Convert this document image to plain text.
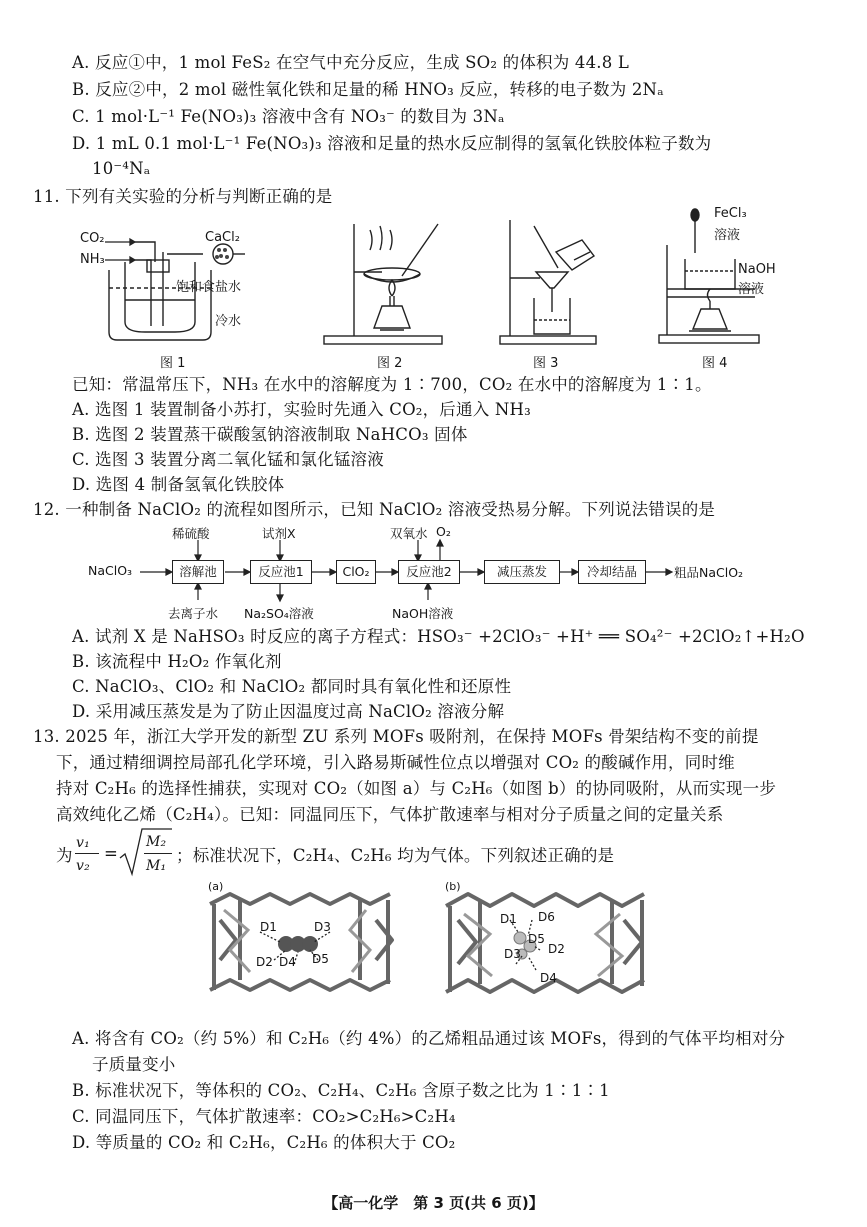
A. 反应①中，1 mol FeS₂ 在空气中充分反应，生成 SO₂ 的体积为 44.8 L
B. 反应②中，2 mol 磁性氧化铁和足量的稀 HNO₃ 反应，转移的电子数为 2Nₐ
C. 1 mol·L⁻¹ Fe(NO₃)₃ 溶液中含有 NO₃⁻ 的数目为 3Nₐ
D. 1 mL 0.1 mol·L⁻¹ Fe(NO₃)₃ 溶液和足量的热水反应制得的氢氧化铁胶体粒子数为
10⁻⁴Nₐ
11. 下列有关实验的分析与判断正确的是
CO₂
NH₃
CaCl₂
饱和食盐水
冷水
图 1	图 2	图 3
FeCl₃
溶液
NaOH
溶液
图 4
已知：常温常压下，NH₃ 在水中的溶解度为 1∶700，CO₂ 在水中的溶解度为 1∶1。
A. 选图 1 装置制备小苏打，实验时先通入 CO₂，后通入 NH₃
B. 选图 2 装置蒸干碳酸氢钠溶液制取 NaHCO₃ 固体
C. 选图 3 装置分离二氧化锰和氯化锰溶液
D. 选图 4 制备氢氧化铁胶体
12. 一种制备 NaClO₂ 的流程如图所示，已知 NaClO₂ 溶液受热易分解。下列说法错误的是
NaClO₃	溶解池	反应池1	ClO₂	反应池2	减压蒸发	冷却结晶	粗品NaClO₂
稀硫酸
去离子水
试剂X
Na₂SO₄溶液
双氧水 O₂
NaOH溶液
A. 试剂 X 是 NaHSO₃ 时反应的离子方程式：HSO₃⁻ +2ClO₃⁻ +H⁺ ══ SO₄²⁻ +2ClO₂↑+H₂O
B. 该流程中 H₂O₂ 作氧化剂
C. NaClO₃、ClO₂ 和 NaClO₂ 都同时具有氧化性和还原性
D. 采用减压蒸发是为了防止因温度过高 NaClO₂ 溶液分解
13. 2025 年，浙江大学开发的新型 ZU 系列 MOFs 吸附剂，在保持 MOFs 骨架结构不变的前提
下，通过精细调控局部孔化学环境，引入路易斯碱性位点以增强对 CO₂ 的酸碱作用，同时维
持对 C₂H₆ 的选择性捕获，实现对 CO₂（如图 a）与 C₂H₆（如图 b）的协同吸附，从而实现一步
高效纯化乙烯（C₂H₄）。已知：同温同压下，气体扩散速率与相对分子质量之间的定量关系
为
v₁
v₂
=
M₂
M₁
；标准状况下，C₂H₄、C₂H₆ 均为气体。下列叙述正确的是
(a)
D1
D2
D3
D4 D5
(b)
D1
D2
D3
D4
D5
D6
A. 将含有 CO₂（约 5%）和 C₂H₆（约 4%）的乙烯粗品通过该 MOFs，得到的气体平均相对分
子质量变小
B. 标准状况下，等体积的 CO₂、C₂H₄、C₂H₆ 含原子数之比为 1∶1∶1
C. 同温同压下，气体扩散速率：CO₂>C₂H₆>C₂H₄
D. 等质量的 CO₂ 和 C₂H₆，C₂H₆ 的体积大于 CO₂
【高一化学　第 3 页(共 6 页)】
